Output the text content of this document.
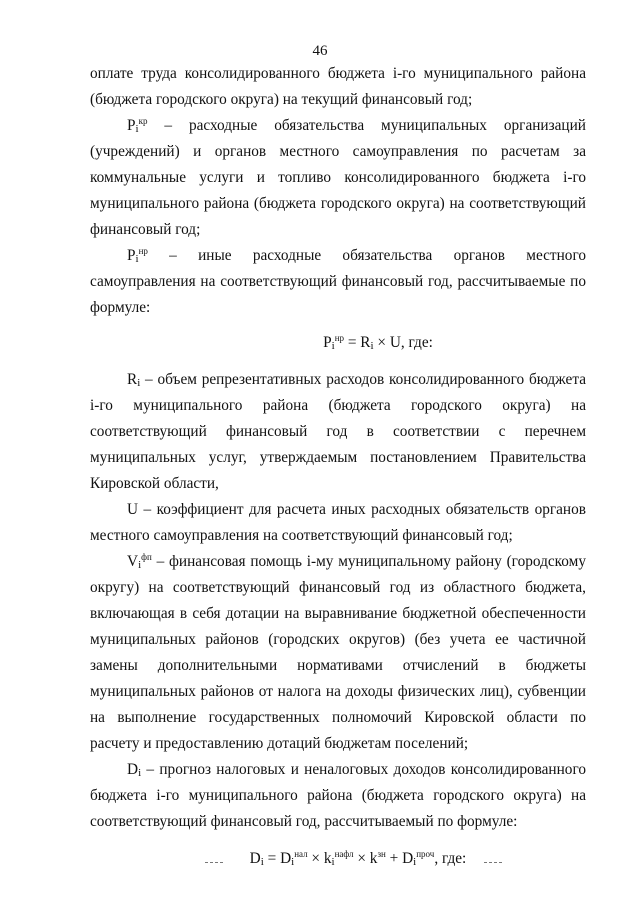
46

оплате труда консолидированного бюджета i-го муниципального района (бюджета городского округа) на текущий финансовый год;

$P_i^{кр}$ – расходные обязательства муниципальных организаций (учреждений) и органов местного самоуправления по расчетам за коммунальные услуги и топливо консолидированного бюджета i-го муниципального района (бюджета городского округа) на соответствующий финансовый год;

$P_i^{нр}$ – иные расходные обязательства органов местного самоуправления на соответствующий финансовый год, рассчитываемые по формуле:

$P_i^{нр} = R_i \times U$, где:

$R_i$ – объем репрезентативных расходов консолидированного бюджета i-го муниципального района (бюджета городского округа) на соответствующий финансовый год в соответствии с перечнем муниципальных услуг, утверждаемым постановлением Правительства Кировской области,

U – коэффициент для расчета иных расходных обязательств органов местного самоуправления на соответствующий финансовый год;

$V_i^{фп}$ – финансовая помощь i-му муниципальному району (городскому округу) на соответствующий финансовый год из областного бюджета, включающая в себя дотации на выравнивание бюджетной обеспеченности муниципальных районов (городских округов) (без учета ее частичной замены дополнительными нормативами отчислений в бюджеты муниципальных районов от налога на доходы физических лиц), субвенции на выполнение государственных полномочий Кировской области по расчету и предоставлению дотаций бюджетам поселений;

$D_i$ – прогноз налоговых и неналоговых доходов консолидированного бюджета i-го муниципального района (бюджета городского округа) на соответствующий финансовый год, рассчитываемый по формуле:

$D_i = D_i^{нал} \times k_i^{нафл} \times k^{зн} + D_i^{проч}$, где:
